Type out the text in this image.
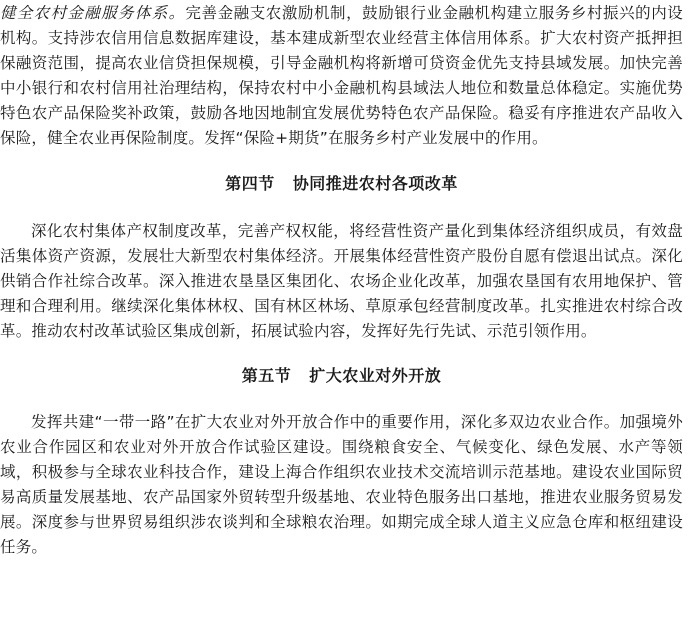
健全农村金融服务体系。完善金融支农激励机制，鼓励银行业金融机构建立服务乡村振兴的内设机构。支持涉农信用信息数据库建设，基本建成新型农业经营主体信用体系。扩大农村资产抵押担保融资范围，提高农业信贷担保规模，引导金融机构将新增可贷资金优先支持县域发展。加快完善中小银行和农村信用社治理结构，保持农村中小金融机构县域法人地位和数量总体稳定。实施优势特色农产品保险奖补政策，鼓励各地因地制宜发展优势特色农产品保险。稳妥有序推进农产品收入保险，健全农业再保险制度。发挥“保险+期货”在服务乡村产业发展中的作用。

第四节 协同推进农村各项改革

深化农村集体产权制度改革，完善产权权能，将经营性资产量化到集体经济组织成员，有效盘活集体资产资源，发展壮大新型农村集体经济。开展集体经营性资产股份自愿有偿退出试点。深化供销合作社综合改革。深入推进农垦垦区集团化、农场企业化改革，加强农垦国有农用地保护、管理和合理利用。继续深化集体林权、国有林区林场、草原承包经营制度改革。扎实推进农村综合改革。推动农村改革试验区集成创新，拓展试验内容，发挥好先行先试、示范引领作用。

第五节 扩大农业对外开放

发挥共建“一带一路”在扩大农业对外开放合作中的重要作用，深化多双边农业合作。加强境外农业合作园区和农业对外开放合作试验区建设。围绕粮食安全、气候变化、绿色发展、水产等领域，积极参与全球农业科技合作，建设上海合作组织农业技术交流培训示范基地。建设农业国际贸易高质量发展基地、农产品国家外贸转型升级基地、农业特色服务出口基地，推进农业服务贸易发展。深度参与世界贸易组织涉农谈判和全球粮农治理。如期完成全球人道主义应急仓库和枢纽建设任务。
